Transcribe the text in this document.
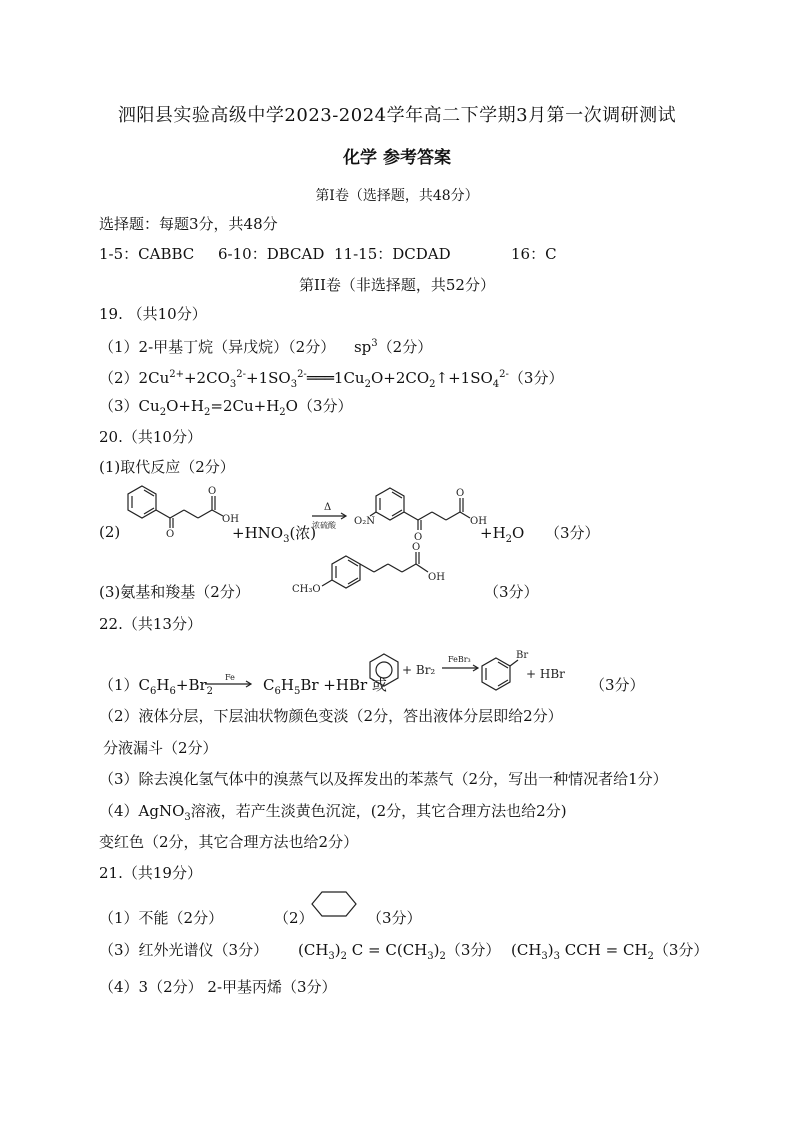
泗阳县实验高级中学2023-2024学年高二下学期3月第一次调研测试
化学 参考答案
第Ⅰ卷（选择题，共48分）
选择题：每题3分，共48分
1-5：CABBC 6-10：DBCAD 11-15：DCDAD	16：C
第II卷（非选择题，共52分）
19. （共10分）
（1）2-甲基丁烷（异戊烷）（2分） $sp^3(2$分）
$(2)2Cu^{2+}+2CO_3^{2-}+1SO_3^{2-}═══1Cu_2O+2CO_2↑+1SO_4^{2-}(3$分）
$(3)Cu_2O+H_2=2Cu+H_2O(3$分）
20.（共10分）
(1)取代反应（2分）
(2)	O
O
OH
$+HNO_3$(浓)
Δ
浓硫酸 O₂N
O
O
OH
$+H_2O$ （3分）
(3)氨基和羧基（2分）	CH₃O
O
OH
（3分）
22.（共13分）
$(1)C_6H_6+Br_2$	$C_6H_5Br +HBr$ 或
Fe
+ Br₂
FeBr₃	Br
+ HBr
（3分）
（2）液体分层，下层油状物颜色变淡（2分，答出液体分层即给2分）
分液漏斗（2分）
（3）除去溴化氢气体中的溴蒸气以及挥发出的苯蒸气（2分，写出一种情况者给1分）
（4）AgNO$_3$溶液，若产生淡黄色沉淀，(2分，其它合理方法也给2分)
变红色（2分，其它合理方法也给2分）
21.（共19分）
（1）不能（2分）	（2）	（3分）
（3）红外光谱仪（3分） $(CH_3)_2$ $C = C(CH_3)_2(3$分） $(CH_3)_3$ CCH = $CH_2(3$分）
（4）3（2分） 2-甲基丙烯（3分）
